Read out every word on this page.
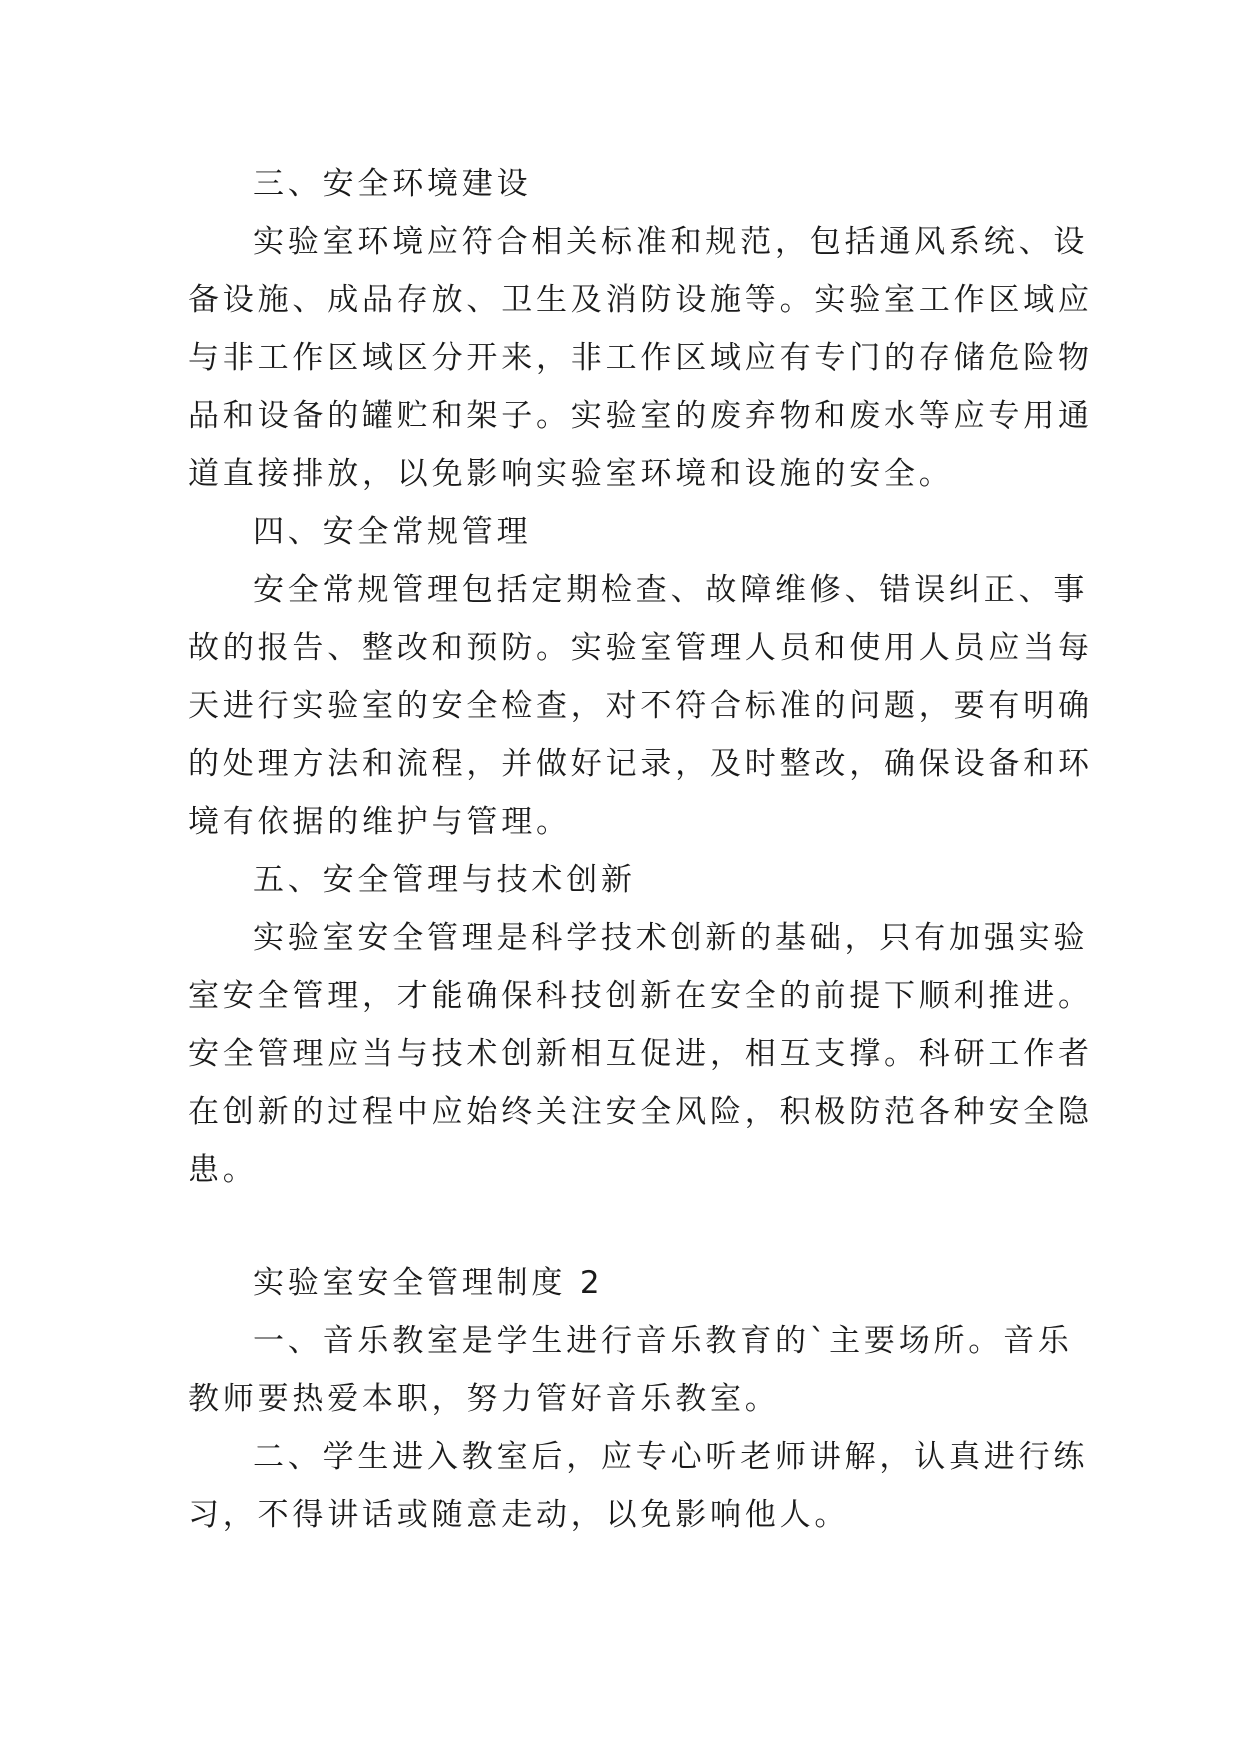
三、安全环境建设
实验室环境应符合相关标准和规范，包括通风系统、设
备设施、成品存放、卫生及消防设施等。实验室工作区域应
与非工作区域区分开来，非工作区域应有专门的存储危险物
品和设备的罐贮和架子。实验室的废弃物和废水等应专用通
道直接排放，以免影响实验室环境和设施的安全。
四、安全常规管理
安全常规管理包括定期检查、故障维修、错误纠正、事
故的报告、整改和预防。实验室管理人员和使用人员应当每
天进行实验室的安全检查，对不符合标准的问题，要有明确
的处理方法和流程，并做好记录，及时整改，确保设备和环
境有依据的维护与管理。
五、安全管理与技术创新
实验室安全管理是科学技术创新的基础，只有加强实验
室安全管理，才能确保科技创新在安全的前提下顺利推进。
安全管理应当与技术创新相互促进，相互支撑。科研工作者
在创新的过程中应始终关注安全风险，积极防范各种安全隐
患。
实验室安全管理制度 2
一、音乐教室是学生进行音乐教育的`主要场所。音乐
教师要热爱本职，努力管好音乐教室。
二、学生进入教室后，应专心听老师讲解，认真进行练
习，不得讲话或随意走动，以免影响他人。
